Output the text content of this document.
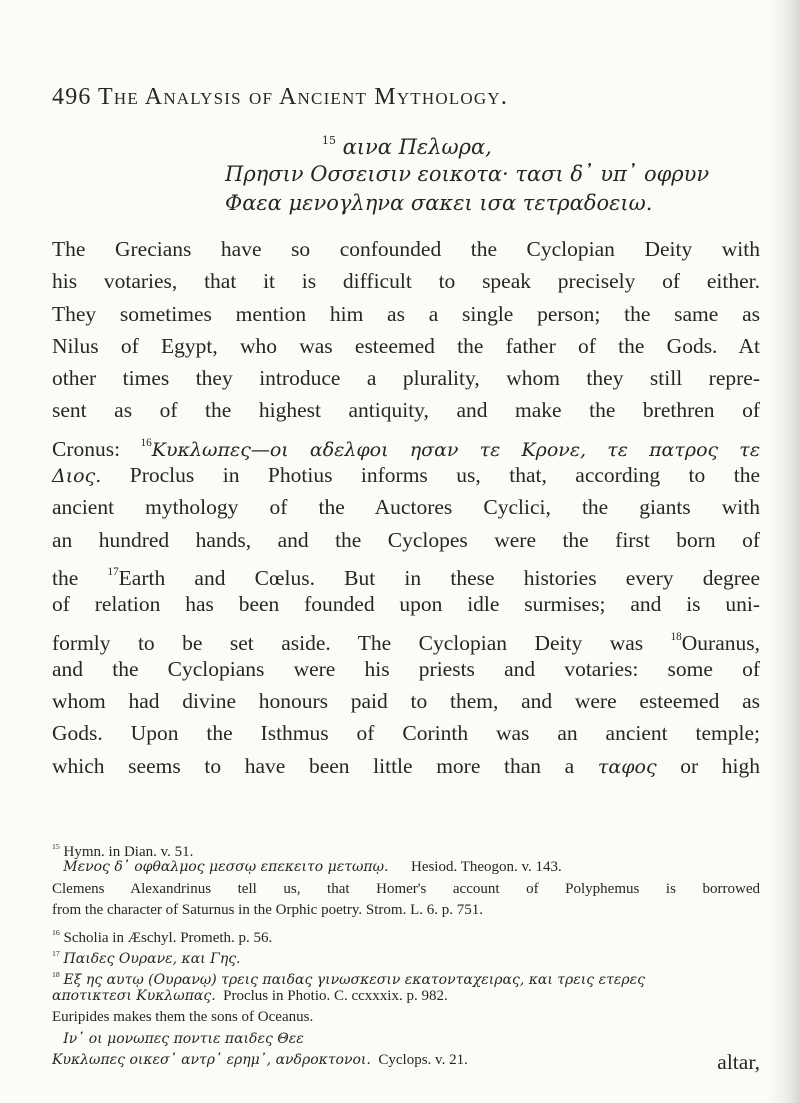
496 The Analysis of Ancient Mythology.
$^{15}$ αινα Πελωρα,
Πρησιν Οσσεισιν εοικοτα· τασι δ᾽ υπ᾽ οφρυν
Φαεα μενογληνα σακει ισα τετραδοειω.
The Grecians have so confounded the Cyclopian Deity with
his votaries, that it is difficult to speak precisely of either.
They sometimes mention him as a single person; the same as
Nilus of Egypt, who was esteemed the father of the Gods. At
other times they introduce a plurality, whom they still repre-
sent as of the highest antiquity, and make the brethren of
Cronus: $^{16}$Κυκλωπες—οι αδελφοι ησαν τε Κρονε, τε πατρος τε
Διος. Proclus in Photius informs us, that, according to the
ancient mythology of the Auctores Cyclici, the giants with
an hundred hands, and the Cyclopes were the first born of
the	$^{17}$Earth and Cœlus. But in these histories every degree
of relation has been founded upon idle surmises; and is uni-
formly to be set aside. The Cyclopian Deity was $^{18}$Ouranus,
and the Cyclopians were his priests and votaries: some of
whom had divine honours paid to them, and were esteemed as
Gods. Upon the Isthmus of Corinth was an ancient temple;
which seems to have been little more than a ταφος or high
$^{15}$ Hymn. in Dian. v. 51.
Μενος δ᾽ οφθαλμος μεσσῳ επεκειτο μετωπῳ. Hesiod. Theogon. v. 143.
Clemens Alexandrinus tell us, that Homer's account of Polyphemus is borrowed
from the character of Saturnus in the Orphic poetry. Strom. L. 6. p. 751.
$^{16}$ Scholia in Æschyl. Prometh. p. 56.
$^{17}$ Παιδες Ουρανε, και Γης.
$^{18}$ Εξ ης αυτῳ (Ουρανῳ) τρεις παιδας γινωσκεσιν εκατονταχειρας, και τρεις ετερες
αποτικτεσι Κυκλωπας. Proclus in Photio. C. ccxxxix. p. 982.
Euripides makes them the sons of Oceanus.
Ιν᾽ οι μονωπες ποντιε παιδες Θεε
Κυκλωπες οικεσ᾽ αντρ᾽ ερημ᾽, ανδροκτονοι. Cyclops. v. 21.	altar,
